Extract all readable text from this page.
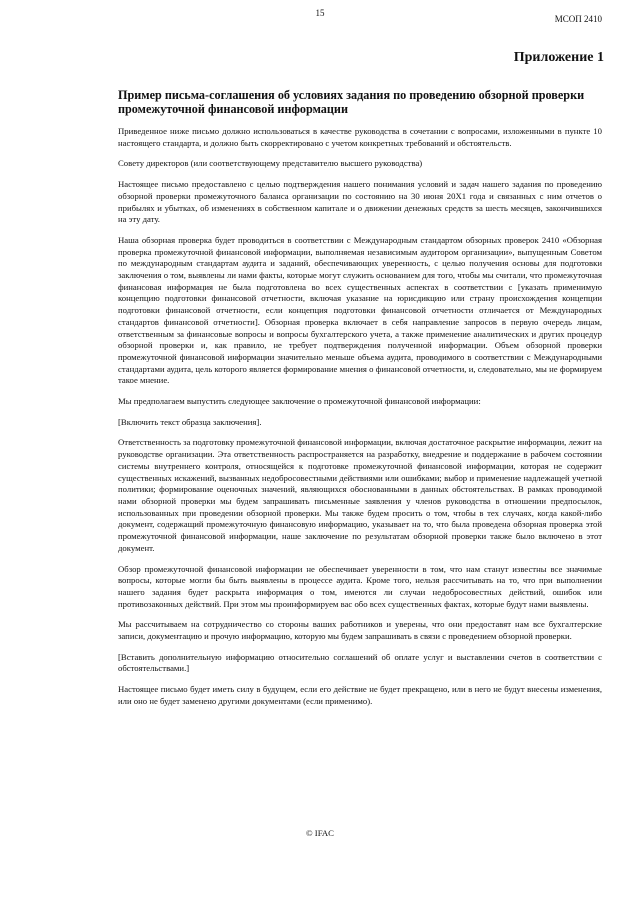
15
МСОП 2410
Приложение 1
Пример письма-соглашения об условиях задания по проведению обзорной проверки промежуточной финансовой информации

Приведенное ниже письмо должно использоваться в качестве руководства в сочетании с вопросами, изложенными в пункте 10 настоящего стандарта, и должно быть скорректировано с учетом конкретных требований и обстоятельств.

Совету директоров (или соответствующему представителю высшего руководства)

Настоящее письмо предоставлено с целью подтверждения нашего понимания условий и задач нашего задания по проведению обзорной проверки промежуточного баланса организации по состоянию на 30 июня 20Х1 года и связанных с ним отчетов о прибылях и убытках, об изменениях в собственном капитале и о движении денежных средств за шесть месяцев, закончившихся на эту дату.

Наша обзорная проверка будет проводиться в соответствии с Международным стандартом обзорных проверок 2410 «Обзорная проверка промежуточной финансовой информации, выполняемая независимым аудитором организации», выпущенным Советом по международным стандартам аудита и заданий, обеспечивающих уверенность, с целью получения основы для подготовки заключения о том, выявлены ли нами факты, которые могут служить основанием для того, чтобы мы считали, что промежуточная финансовая информация не была подготовлена во всех существенных аспектах в соответствии с [указать применимую концепцию подготовки финансовой отчетности, включая указание на юрисдикцию или страну происхождения концепции подготовки финансовой отчетности, если концепция подготовки финансовой отчетности отличается от Международных стандартов финансовой отчетности]. Обзорная проверка включает в себя направление запросов в первую очередь лицам, ответственным за финансовые вопросы и вопросы бухгалтерского учета, а также применение аналитических и других процедур обзорной проверки и, как правило, не требует подтверждения полученной информации. Объем обзорной проверки промежуточной финансовой информации значительно меньше объема аудита, проводимого в соответствии с Международными стандартами аудита, цель которого является формирование мнения о финансовой отчетности, и, следовательно, мы не формируем такое мнение.

Мы предполагаем выпустить следующее заключение о промежуточной финансовой информации:

[Включить текст образца заключения].

Ответственность за подготовку промежуточной финансовой информации, включая достаточное раскрытие информации, лежит на руководстве организации. Эта ответственность распространяется на разработку, внедрение и поддержание в рабочем состоянии системы внутреннего контроля, относящейся к подготовке промежуточной финансовой информации, которая не содержит существенных искажений, вызванных недобросовестными действиями или ошибками; выбор и применение надлежащей учетной политики; формирование оценочных значений, являющихся обоснованными в данных обстоятельствах. В рамках проводимой нами обзорной проверки мы будем запрашивать письменные заявления у членов руководства в отношении предпосылок, использованных при проведении обзорной проверки. Мы также будем просить о том, чтобы в тех случаях, когда какой-либо документ, содержащий промежуточную финансовую информацию, указывает на то, что была проведена обзорная проверка этой промежуточной финансовой информации, наше заключение по результатам обзорной проверки также было включено в этот документ.

Обзор промежуточной финансовой информации не обеспечивает уверенности в том, что нам станут известны все значимые вопросы, которые могли бы быть выявлены в процессе аудита. Кроме того, нельзя рассчитывать на то, что при выполнении нашего задания будет раскрыта информация о том, имеются ли случаи недобросовестных действий, ошибок или противозаконных действий. При этом мы проинформируем вас обо всех существенных фактах, которые будут нами выявлены.

Мы рассчитываем на сотрудничество со стороны ваших работников и уверены, что они предоставят нам все бухгалтерские записи, документацию и прочую информацию, которую мы будем запрашивать в связи с проведением обзорной проверки.

[Вставить дополнительную информацию относительно соглашений об оплате услуг и выставлении счетов в соответствии с обстоятельствами.]

Настоящее письмо будет иметь силу в будущем, если его действие не будет прекращено, или в него не будут внесены изменения, или оно не будет заменено другими документами (если применимо).

© IFAC
